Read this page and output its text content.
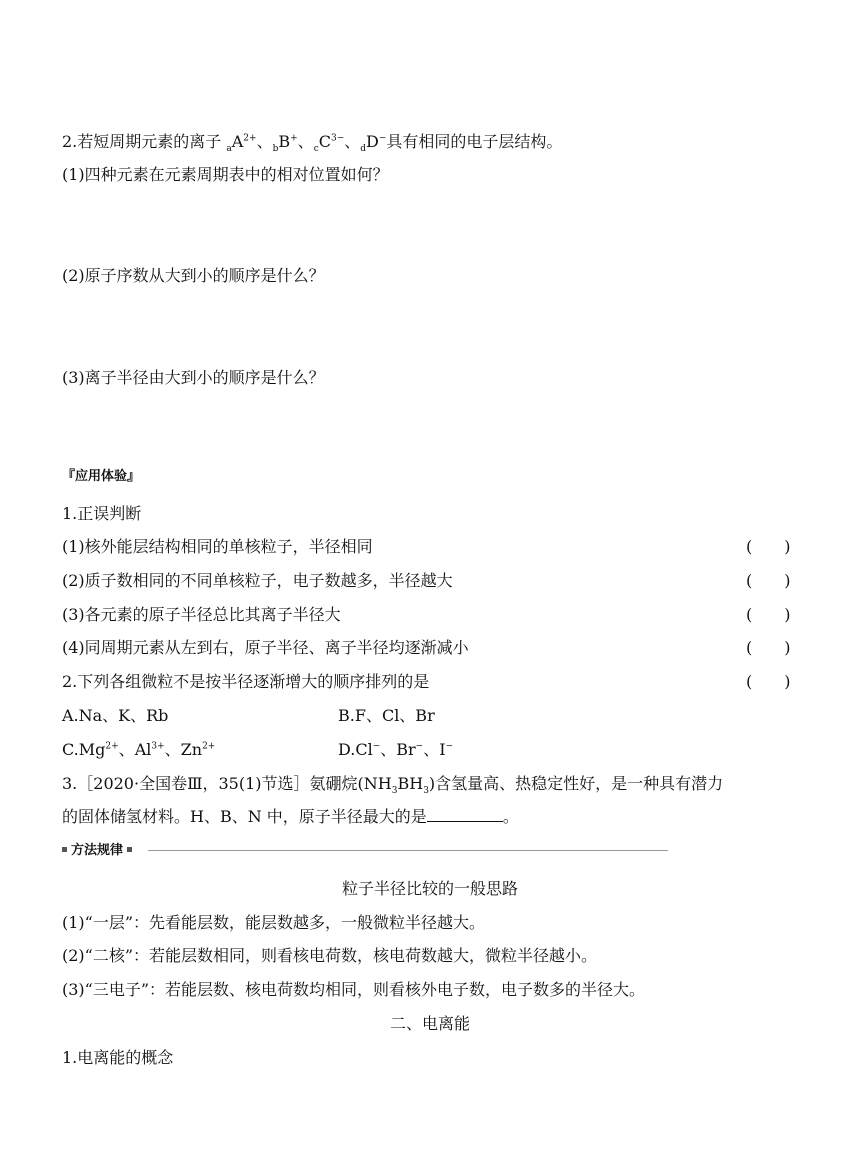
2.若短周期元素的离子 $_aA^{2+}$、$_b$B+、$_cC^{3-}$、$_d$D−具有相同的电子层结构。
(1)四种元素在元素周期表中的相对位置如何？
(2)原子序数从大到小的顺序是什么？
(3)离子半径由大到小的顺序是什么？
『应用体验』
1.正误判断
(1)核外能层结构相同的单核粒子，半径相同	(　　)
(2)质子数相同的不同单核粒子，电子数越多，半径越大	(　　)
(3)各元素的原子半径总比其离子半径大	(　　)
(4)同周期元素从左到右，原子半径、离子半径均逐渐减小	(　　)
2.下列各组微粒不是按半径逐渐增大的顺序排列的是	(　　)
A.Na、K、Rb	B.F、Cl、Br
$C.Mg^{2+}$、$Al^{3+}$、$Zn^{2+}$	D.Cl−、Br−、I−
3.［2020·全国卷Ⅲ，35(1)节选］氨硼烷$(NH_3BH_3)$含氢量高、热稳定性好，是一种具有潜力
的固体储氢材料。H、B、N 中，原子半径最大的是	。
方法规律
粒子半径比较的一般思路
(1)“一层”：先看能层数，能层数越多，一般微粒半径越大。
(2)“二核”：若能层数相同，则看核电荷数，核电荷数越大，微粒半径越小。
(3)“三电子”：若能层数、核电荷数均相同，则看核外电子数，电子数多的半径大。
二、电离能
1.电离能的概念
